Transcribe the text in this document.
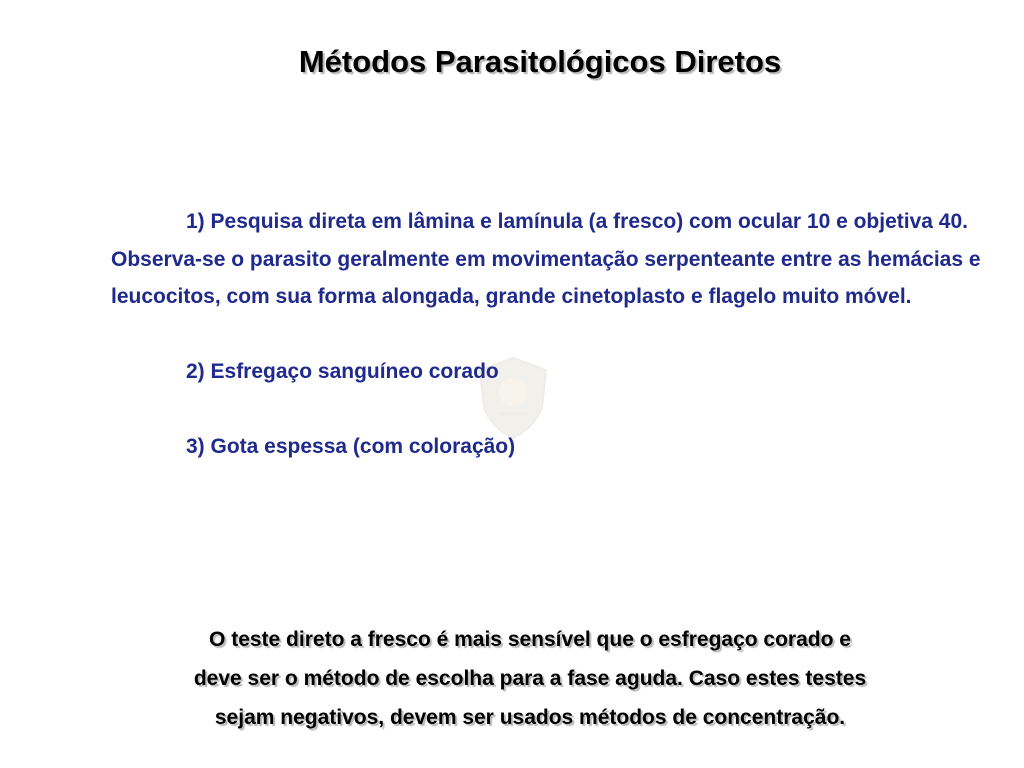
Métodos Parasitológicos Diretos

1) Pesquisa direta em lâmina e lamínula (a fresco) com ocular 10 e objetiva 40. Observa-se o parasito geralmente em movimentação serpenteante entre as hemácias e leucocitos, com sua forma alongada, grande cinetoplasto e flagelo muito móvel.

2) Esfregaço sanguíneo corado

3) Gota espessa (com coloração)

O teste direto a fresco é mais sensível que o esfregaço corado e
deve ser o método de escolha para a fase aguda. Caso estes testes
sejam negativos, devem ser usados métodos de concentração.
